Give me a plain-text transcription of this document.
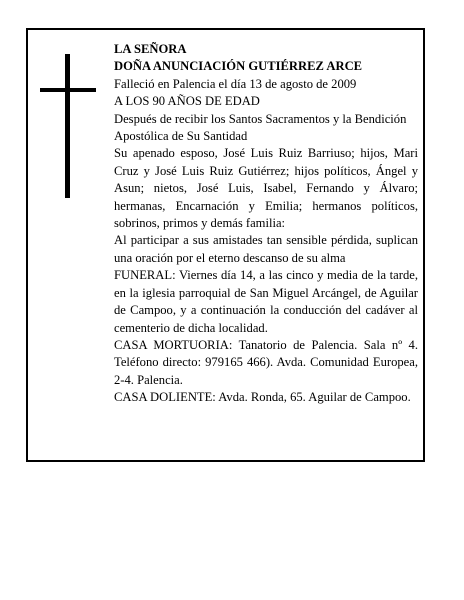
LA SEÑORA

DOÑA ANUNCIACIÓN GUTIÉRREZ ARCE

Falleció en Palencia el día 13 de agosto de 2009

A LOS 90 AÑOS DE EDAD

Después de recibir los Santos Sacramentos y la Bendición Apostólica de Su Santidad

Su apenado esposo, José Luis Ruiz Barriuso; hijos, Mari Cruz y José Luis Ruiz Gutiérrez; hijos políticos, Ángel y Asun; nietos, José Luis, Isabel, Fernando y Álvaro; hermanas, Encarnación y Emilia; hermanos políticos, sobrinos, primos y demás familia:

Al participar a sus amistades tan sensible pérdida, suplican una oración por el eterno descanso de su alma

FUNERAL: Viernes día 14, a las cinco y media de la tarde, en la iglesia parroquial de San Miguel Arcángel, de Aguilar de Campoo, y a continuación la conducción del cadáver al cementerio de dicha localidad.

CASA MORTUORIA: Tanatorio de Palencia. Sala nº 4. Teléfono directo: 979165 466). Avda. Comunidad Europea, 2-4. Palencia.

CASA DOLIENTE: Avda. Ronda, 65. Aguilar de Campoo.
